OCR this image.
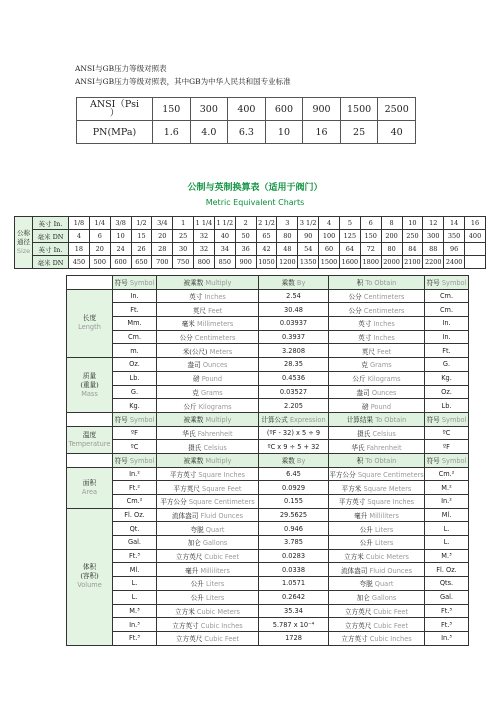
ANSI与GB压力等级对照表
ANSI与GB压力等级对照表，其中GB为中华人民共和国专业标准
ANSI（Psi
）	150	300	400	600	900	1500	2500
PN(MPa)	1.6	4.0	6.3	10	16	25	40
公制与英制换算表（适用于阀门）
Metric Equivalent Charts
公称
通径
Size	英寸 In.	1/8	1/4	3/8	1/2	3/4	1	1 1/4	1 1/2	2	2 1/2	3	3 1/2	4	5	6	8	10	12	14	16
	毫米 DN	4	6	10	15	20	25	32	40	50	65	80	90	100	125	150	200	250	300	350	400
	英寸 In.	18	20	24	26	28	30	32	34	36	42	48	54	60	64	72	80	84	88	96	
	毫米 DN	450	500	600	650	700	750	800	850	900	1050	1200	1350	1500	1600	1800	2000	2100	2200	2400	
	符号 Symbol	被乘数 Multiply	乘数 By	积 To Obtain	符号 Symbol

长度
Length	In.	英寸 Inches	2.54	公分 Centimeters	Cm.
	Ft.	英尺 Feet	30.48	公分 Centimeters	Cm.
	Mm.	毫米 Millimeters	0.03937	英寸 Inches	In.
	Cm.	公分 Centimeters	0.3937	英寸 Inches	In.
	m.	米(公尺) Meters	3.2808	英尺 Feet	Ft.

质量
(重量)
Mass	Oz.	盎司 Ounces	28.35	克 Grams	G.
	Lb.	磅 Pound	0.4536	公斤 Kilograms	Kg.
	G.	克 Grams	0.03527	盎司 Ounces	Oz.
	Kg.	公斤 Kilograms	2.205	磅 Pound	Lb.
	符号 Symbol	被乘数 Multiply	计算公式 Expression	计算结果 To Obtain	符号 Symbol

温度
Temperature	ºF	华氏 Fahrenheit	(ºF - 32) x 5 ÷ 9	摄氏 Celsius	ºC
	ºC	摄氏 Celsius	ºC x 9 ÷ 5 + 32	华氏 Fahrenheit	ºF
	符号 Symbol	被乘数 Multiply	乘数 By	积 To Obtain	符号 Symbol

面积
Area	In.²	平方英寸 Square Inches	6.45	平方公分 Square Centimeters	Cm.²
	Ft.²	平方英尺 Square Feet	0.0929	平方米 Square Meters	M.²
	Cm.²	平方公分 Square Centimeters	0.155	平方英寸 Square Inches	In.²

体积
(容积)
Volume	Fl. Oz.	流体盎司 Fluid Ounces	29.5625	毫升 Milliliters	Ml.
	Qt.	夸脱 Quart	0.946	公升 Liters	L.
	Gal.	加仑 Gallons	3.785	公升 Liters	L.
	Ft.³	立方英尺 Cubic Feet	0.0283	立方米 Cubic Meters	M.³
	Ml.	毫升 Milliliters	0.0338	流体盎司 Fluid Ounces	Fl. Oz.
	L.	公升 Liters	1.0571	夸脱 Quart	Qts.
	L.	公升 Liters	0.2642	加仑 Gallons	Gal.
	M.³	立方米 Cubic Meters	35.34	立方英尺 Cubic Feet	Ft.³
	In.³	立方英寸 Cubic Inches	5.787 x 10⁻⁴	立方英尺 Cubic Feet	Ft.³
	Ft.³	立方英尺 Cubic Feet	1728	立方英寸 Cubic Inches	In.³
